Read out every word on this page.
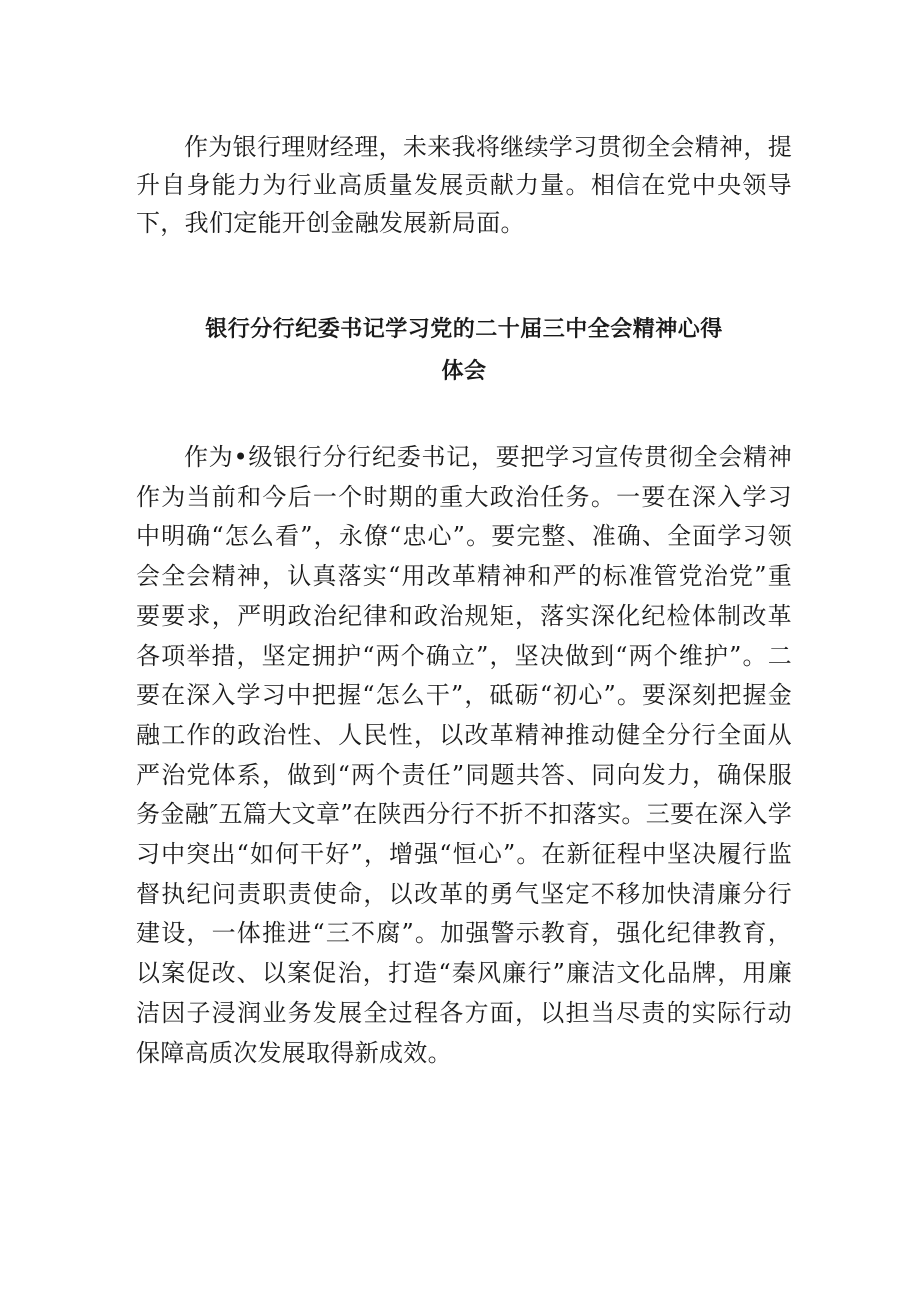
作为银行理财经理，未来我将继续学习贯彻全会精神，提升自身能力为行业高质量发展贡献力量。相信在党中央领导下，我们定能开创金融发展新局面。

银行分行纪委书记学习党的二十届三中全会精神心得
体会

作为•级银行分行纪委书记，要把学习宣传贯彻全会精神作为当前和今后一个时期的重大政治任务。一要在深入学习中明确“怎么看”，永僚“忠心”。要完整、准确、全面学习领会全会精神，认真落实“用改革精神和严的标准管党治党”重要要求，严明政治纪律和政治规矩，落实深化纪检体制改革各项举措，坚定拥护“两个确立”，坚决做到“两个维护”。二要在深入学习中把握“怎么干”，砥砺“初心”。要深刻把握金融工作的政治性、人民性，以改革精神推动健全分行全面从严治党体系，做到“两个责任”同题共答、同向发力，确保服务金融″五篇大文章”在陕西分行不折不扣落实。三要在深入学习中突出“如何干好”，增强“恒心”。在新征程中坚决履行监督执纪问责职责使命，以改革的勇气坚定不移加快清廉分行建设，一体推进“三不腐”。加强警示教育，强化纪律教育，以案促改、以案促治，打造“秦风廉行”廉洁文化品牌，用廉洁因子浸润业务发展全过程各方面，以担当尽责的实际行动保障高质次发展取得新成效。
